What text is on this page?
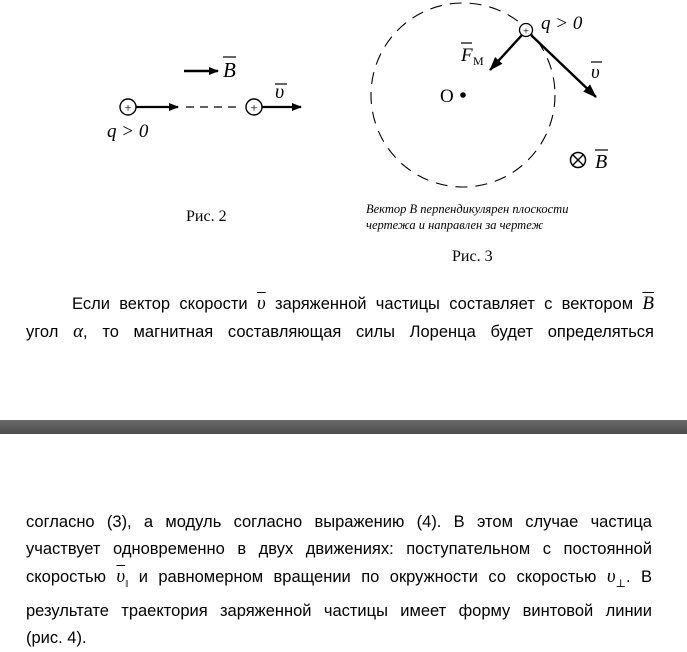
B
+	+
υ
q > 0
O
+ q > 0
F M
υ
B
Рис. 2	Вектор B перпендикулярен плоскости
чертежа и направлен за чертеж
Рис. 3
Если вектор скорости $\overline{\upsilon}$ заряженной частицы составляет с вектором $\overline{B}$
угол α, то магнитная составляющая силы Лоренца будет определяться
согласно (3), а модуль согласно выражению (4). В этом случае частица
участвует одновременно в двух движениях: поступательном с постоянной
скоростью $\overline{\upsilon}_‖$ и равномерном вращении по окружности со скоростью $\upsilon_\perp$. В
результате траектория заряженной частицы имеет форму винтовой линии
(рис. 4).
